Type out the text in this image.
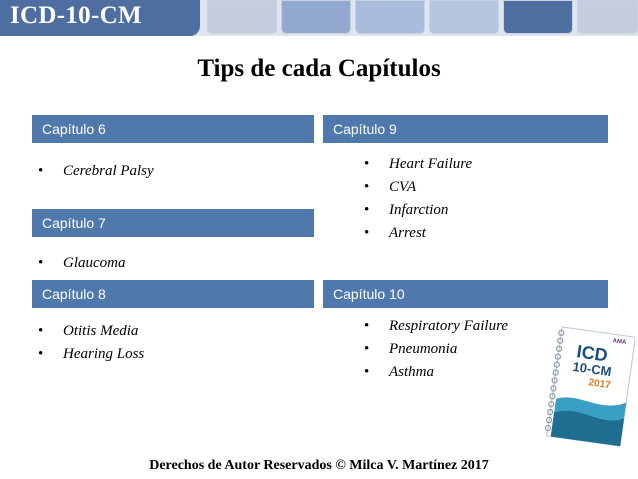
ICD-10-CM
Tips de cada Capítulos
Capítulo 6
• Cerebral Palsy
Capítulo 7
• Glaucoma
Capítulo 8
• Otitis Media
• Hearing Loss
Capítulo 9
• Heart Failure
• CVA
• Infarction
• Arrest
Capítulo 10
• Respiratory Failure
• Pneumonia
• Asthma
AMA
ICD
10-CM
2017
Derechos de Autor Reservados © Milca V. Martínez 2017
